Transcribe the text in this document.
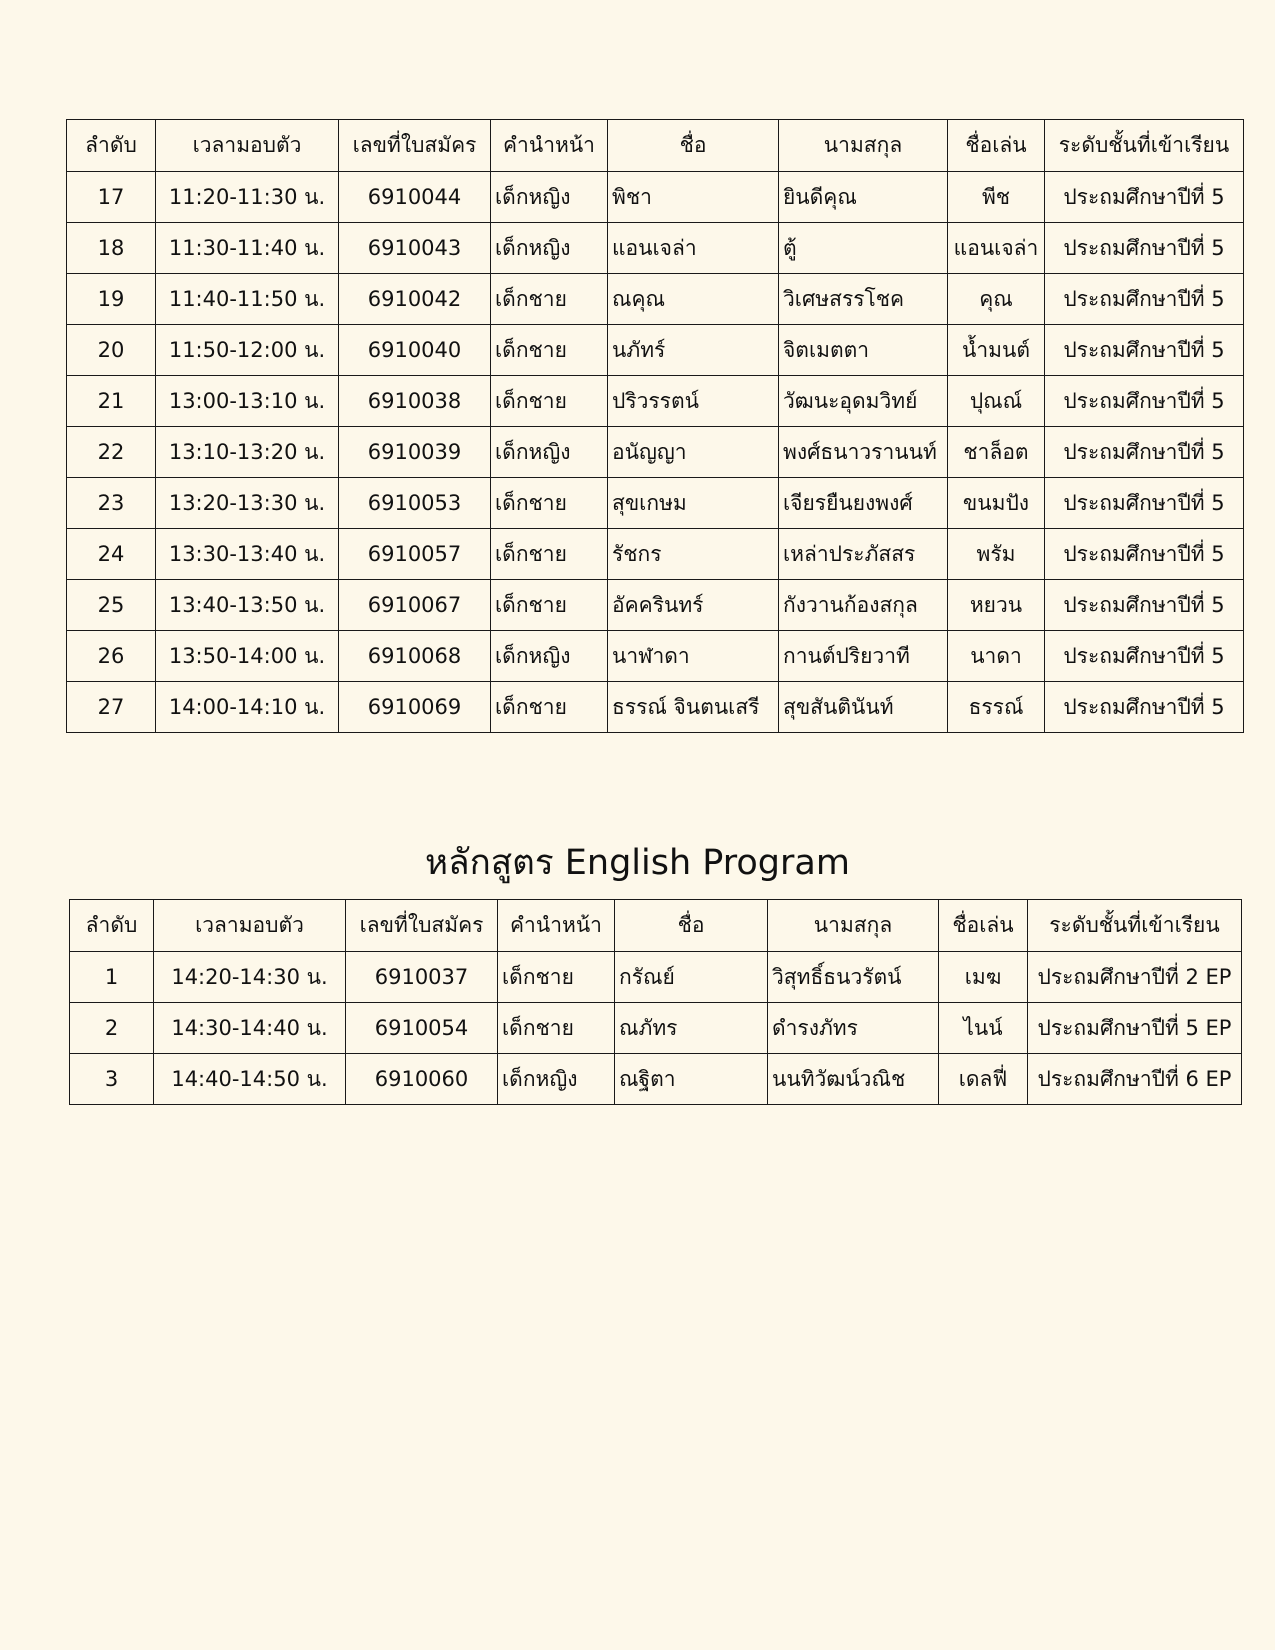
ลำดับ	เวลามอบตัว	เลขที่ใบสมัคร	คำนำหน้า	ชื่อ	นามสกุล	ชื่อเล่น	ระดับชั้นที่เข้าเรียน
17	11:20-11:30 น.	6910044	เด็กหญิง	พิชา	ยินดีคุณ	พีช	ประถมศึกษาปีที่ 5
18	11:30-11:40 น.	6910043	เด็กหญิง	แอนเจล่า	ตู้	แอนเจล่า	ประถมศึกษาปีที่ 5
19	11:40-11:50 น.	6910042	เด็กชาย	ณคุณ	วิเศษสรรโชค	คุณ	ประถมศึกษาปีที่ 5
20	11:50-12:00 น.	6910040	เด็กชาย	นภัทร์	จิตเมตตา	น้ำมนต์	ประถมศึกษาปีที่ 5
21	13:00-13:10 น.	6910038	เด็กชาย	ปริวรรตน์	วัฒนะอุดมวิทย์	ปุณณ์	ประถมศึกษาปีที่ 5
22	13:10-13:20 น.	6910039	เด็กหญิง	อนัญญา	พงศ์ธนาวรานนท์	ชาล็อต	ประถมศึกษาปีที่ 5
23	13:20-13:30 น.	6910053	เด็กชาย	สุขเกษม	เจียรยืนยงพงศ์	ขนมปัง	ประถมศึกษาปีที่ 5
24	13:30-13:40 น.	6910057	เด็กชาย	รัชกร	เหล่าประภัสสร	พรัม	ประถมศึกษาปีที่ 5
25	13:40-13:50 น.	6910067	เด็กชาย	อัคครินทร์	กังวานก้องสกุล	หยวน	ประถมศึกษาปีที่ 5
26	13:50-14:00 น.	6910068	เด็กหญิง	นาฬาดา	กานต์ปริยวาที	นาดา	ประถมศึกษาปีที่ 5
27	14:00-14:10 น.	6910069	เด็กชาย	ธรรณ์ จินตนเสรี	สุขสันตินันท์	ธรรณ์	ประถมศึกษาปีที่ 5
หลักสูตร English Program
ลำดับ	เวลามอบตัว	เลขที่ใบสมัคร	คำนำหน้า	ชื่อ	นามสกุล	ชื่อเล่น	ระดับชั้นที่เข้าเรียน
1	14:20-14:30 น.	6910037	เด็กชาย	กรัณย์	วิสุทธิ์ธนวรัตน์	เมฆ	ประถมศึกษาปีที่ 2 EP
2	14:30-14:40 น.	6910054	เด็กชาย	ณภัทร	ดำรงภัทร	ไนน์	ประถมศึกษาปีที่ 5 EP
3	14:40-14:50 น.	6910060	เด็กหญิง	ณฐิตา	นนทิวัฒน์วณิช	เดลฟี่	ประถมศึกษาปีที่ 6 EP
